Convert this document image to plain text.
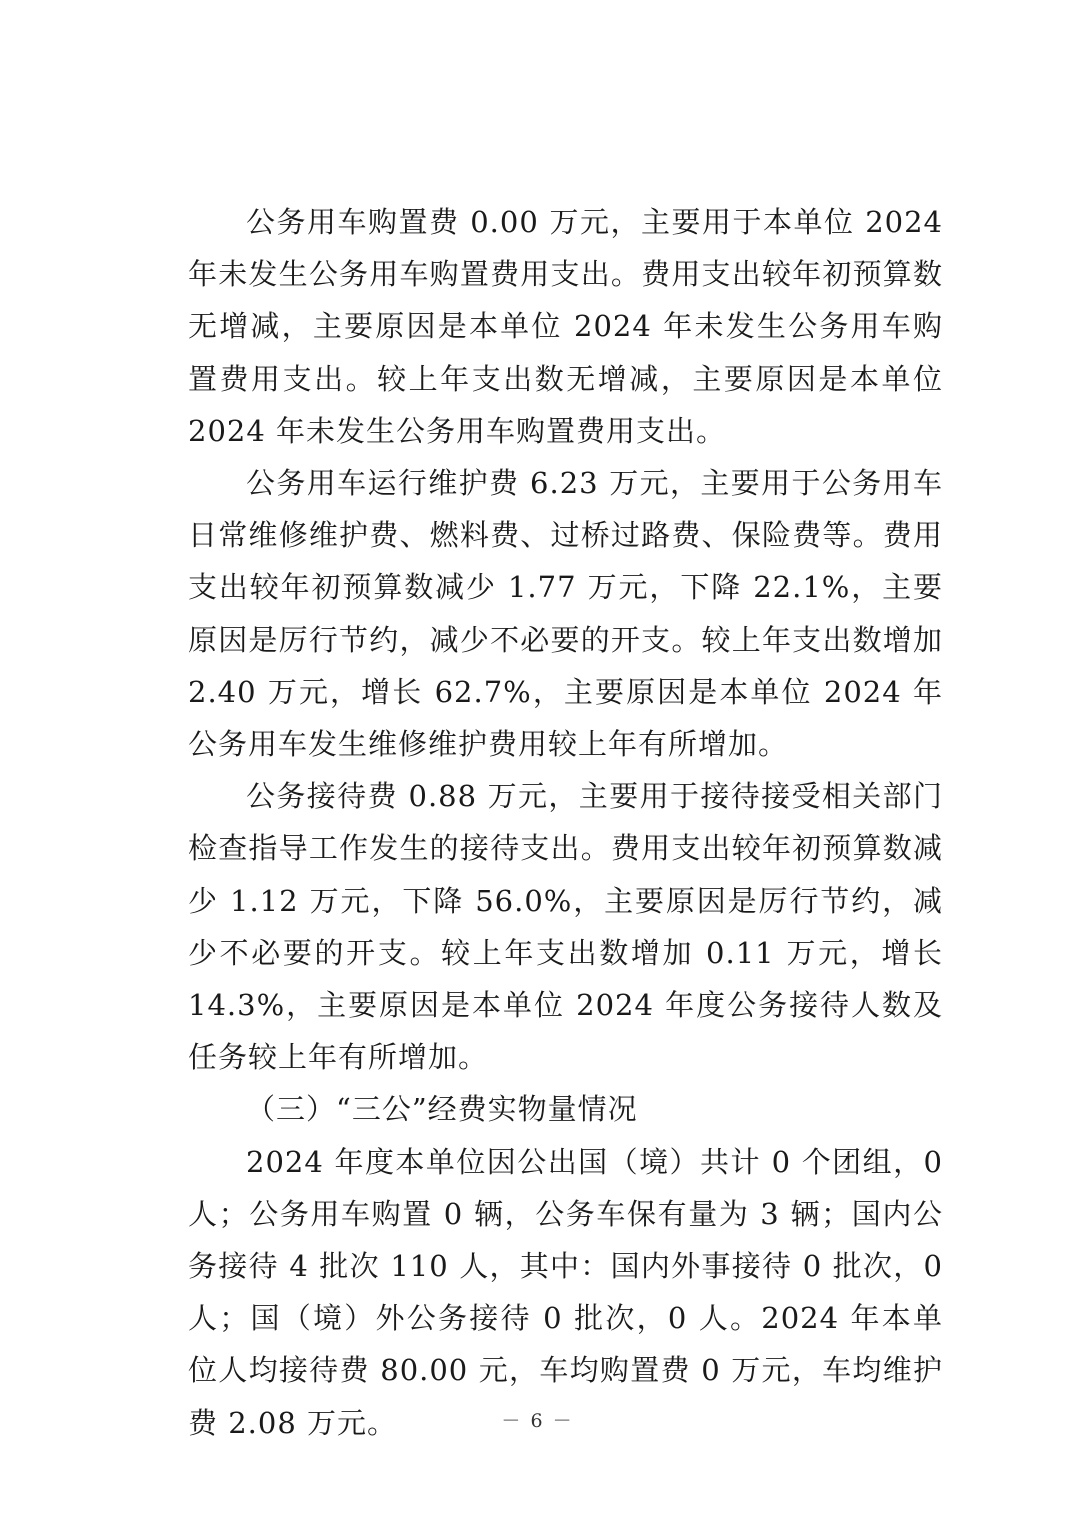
公务用车购置费 0.00 万元，主要用于本单位 2024 年未发生公务用车购置费用支出。费用支出较年初预算数无增减，主要原因是本单位 2024 年未发生公务用车购置费用支出。较上年支出数无增减，主要原因是本单位 2024 年未发生公务用车购置费用支出。

公务用车运行维护费 6.23 万元，主要用于公务用车日常维修维护费、燃料费、过桥过路费、保险费等。费用支出较年初预算数减少 1.77 万元，下降 22.1%，主要原因是厉行节约，减少不必要的开支。较上年支出数增加 2.40 万元，增长 62.7%，主要原因是本单位 2024 年公务用车发生维修维护费用较上年有所增加。

公务接待费 0.88 万元，主要用于接待接受相关部门检查指导工作发生的接待支出。费用支出较年初预算数减少 1.12 万元，下降 56.0%，主要原因是厉行节约，减少不必要的开支。较上年支出数增加 0.11 万元，增长 14.3%，主要原因是本单位 2024 年度公务接待人数及任务较上年有所增加。

（三）“三公”经费实物量情况

2024 年度本单位因公出国（境）共计 0 个团组，0 人；公务用车购置 0 辆，公务车保有量为 3 辆；国内公务接待 4 批次 110 人，其中：国内外事接待 0 批次，0 人；国（境）外公务接待 0 批次，0 人。2024 年本单位人均接待费 80.00 元，车均购置费 0 万元，车均维护费 2.08 万元。	－ 6 －
